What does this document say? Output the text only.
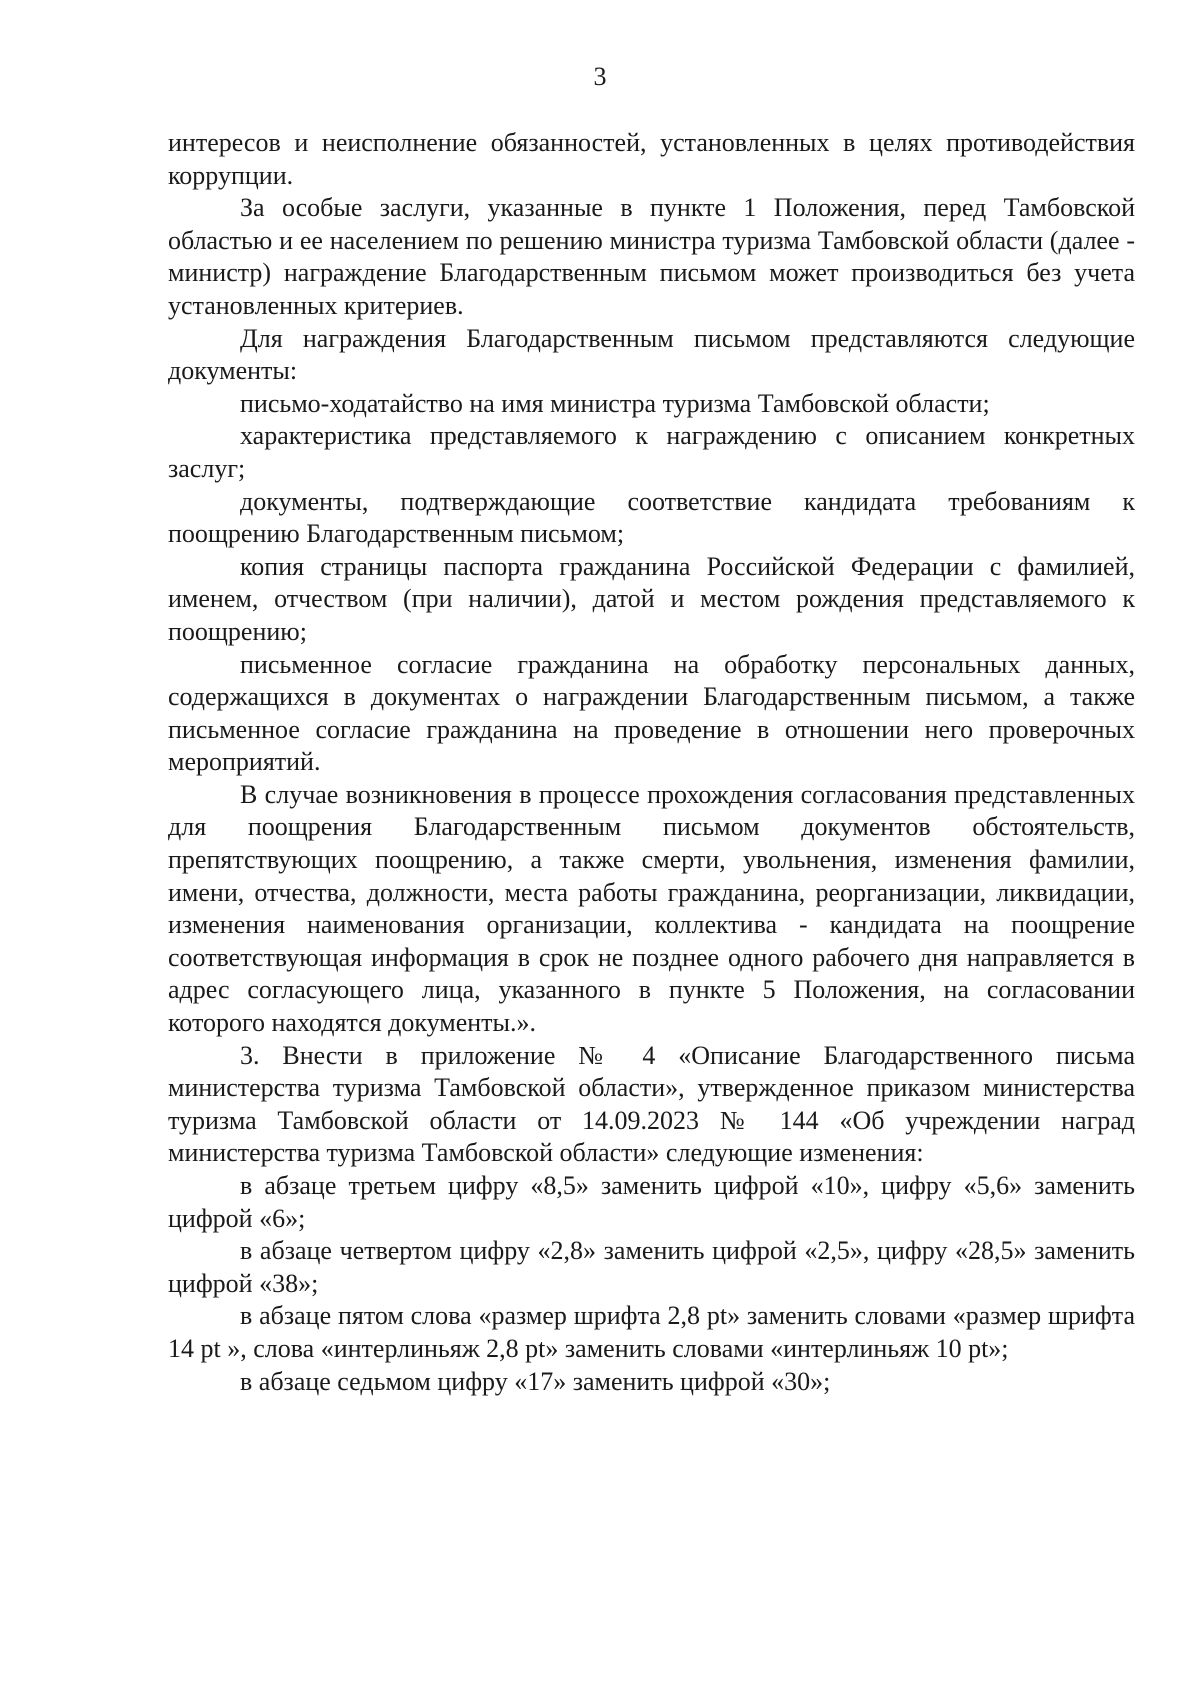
3

интересов и неисполнение обязанностей, установленных в целях противодействия коррупции.

За особые заслуги, указанные в пункте 1 Положения, перед Тамбовской областью и ее населением по решению министра туризма Тамбовской области (далее - министр) награждение Благодарственным письмом может производиться без учета установленных критериев.

Для награждения Благодарственным письмом представляются следующие документы:

письмо-ходатайство на имя министра туризма Тамбовской области;

характеристика представляемого к награждению с описанием конкретных заслуг;

документы, подтверждающие соответствие кандидата требованиям к поощрению Благодарственным письмом;

копия страницы паспорта гражданина Российской Федерации с фамилией, именем, отчеством (при наличии), датой и местом рождения представляемого к поощрению;

письменное согласие гражданина на обработку персональных данных, содержащихся в документах о награждении Благодарственным письмом, а также письменное согласие гражданина на проведение в отношении него проверочных мероприятий.

В случае возникновения в процессе прохождения согласования представленных для поощрения Благодарственным письмом документов обстоятельств, препятствующих поощрению, а также смерти, увольнения, изменения фамилии, имени, отчества, должности, места работы гражданина, реорганизации, ликвидации, изменения наименования организации, коллектива - кандидата на поощрение соответствующая информация в срок не позднее одного рабочего дня направляется в адрес согласующего лица, указанного в пункте 5 Положения, на согласовании которого находятся документы.».

3. Внести в приложение № 4 «Описание Благодарственного письма министерства туризма Тамбовской области», утвержденное приказом министерства туризма Тамбовской области от 14.09.2023 № 144 «Об учреждении наград министерства туризма Тамбовской области» следующие изменения:

в абзаце третьем цифру «8,5» заменить цифрой «10», цифру «5,6» заменить цифрой «6»;

в абзаце четвертом цифру «2,8» заменить цифрой «2,5», цифру «28,5» заменить цифрой «38»;

в абзаце пятом слова «размер шрифта 2,8 pt» заменить словами «размер шрифта 14 pt », слова «интерлиньяж 2,8 pt» заменить словами «интерлиньяж 10 pt»;

в абзаце седьмом цифру «17» заменить цифрой «30»;
